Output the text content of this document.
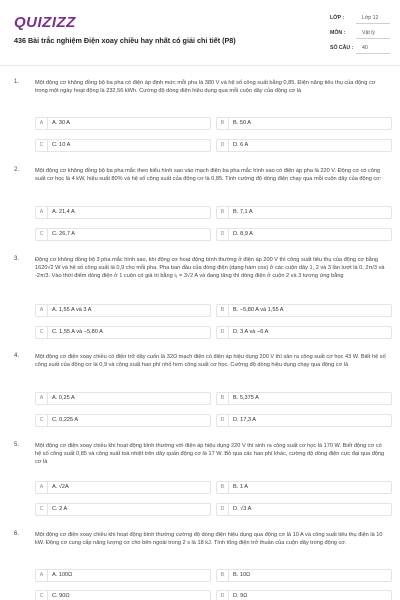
QUIZIZZ
436 Bài trắc nghiệm Điện xoay chiều hay nhất có giải chi tiết (P8)
LỚP :	Lớp 12
MÔN :	Vật lý
SỐ CÂU : 40
1.	Một động cơ không đồng bộ ba pha có điện áp định mức mỗi pha là 380 V và hệ số công suất bằng 0,85. Điện năng tiêu thụ của động cơ trong một ngày hoạt động là 232,56 kWh. Cường độ dòng điện hiệu dụng qua mỗi cuộn dây của động cơ là
A	A. 30 A	B	B. 50 A
C	C. 10 A	D	D. 6 A
2.	Một động cơ không đồng bộ ba pha mắc theo kiểu hình sao vào mạch điện ba pha mắc hình sao có điện áp pha là 220 V. Động cơ có công suất cơ học là 4 kW, hiệu suất 80% và hệ số công suất của động cơ là 0,85. Tính cường độ dòng điện chạy qua mỗi cuộn dây của động cơ:
A	A. 21,4 A	B	B. 7,1 A
C	C. 26,7 A	D	D. 8,9 A
3.	Động cơ không đồng bộ 3 pha mắc hình sao, khi động cơ hoạt động bình thường ở điện áp 200 V thì công suất tiêu thụ của động cơ bằng 1620√2 W và hệ số công suất là 0,9 cho mỗi pha. Pha ban đầu của dòng điện (dạng hàm cos) ở các cuộn dây 1, 2 và 3 lần lượt là 0, 2π/3 và -2π/3. Vào thời điểm dòng điện ở 1 cuộn có giá trị bằng i₁ = 3√2 A và đang tăng thì dòng điện ở cuộn 2 và 3 tương ứng bằng
A	A. 1,55 A và 3 A	B	B. −5,80 A và 1,55 A
C	C. 1,55 A và −5,80 A	D	D. 3 A và −6 A
4.	Một động cơ điện xoay chiều có điện trở dây cuốn là 32Ω mạch điện có điện áp hiệu dụng 200 V thì sản ra công suất cơ học 43 W. Biết hệ số công suất của động cơ là 0,9 và công suất hao phí nhỏ hơn công suất cơ học. Cường độ dòng hiệu dụng chạy qua động cơ là
A	A. 0,25 A	B	B. 5,375 A
C	C. 0,225 A	D	D. 17,3 A
5.	Một động cơ điện xoay chiều khi hoạt động bình thường với điện áp hiệu dụng 220 V thì sinh ra công suất cơ học là 170 W. Biết động cơ có hệ số công suất 0,85 và công suất toả nhiệt trên dây quấn động cơ là 17 W. Bỏ qua các hao phí khác, cường độ dòng điện cực đại qua động cơ là
A	A. √2A	B	B. 1 A
C	C. 2 A	D	D. √3 A
6.	Một động cơ điện xoay chiều khi hoạt động bình thường cường độ dòng điện hiệu dụng qua động cơ là 10 A và công suất tiêu thụ điện là 10 kW. Động cơ cung cấp năng lượng cơ cho bên ngoài trong 2 s là 18 kJ. Tính tổng điện trở thuần của cuộn dây trong động cơ.
A	A. 100Ω	B	B. 10Ω
C	C. 90Ω	D	D. 9Ω
